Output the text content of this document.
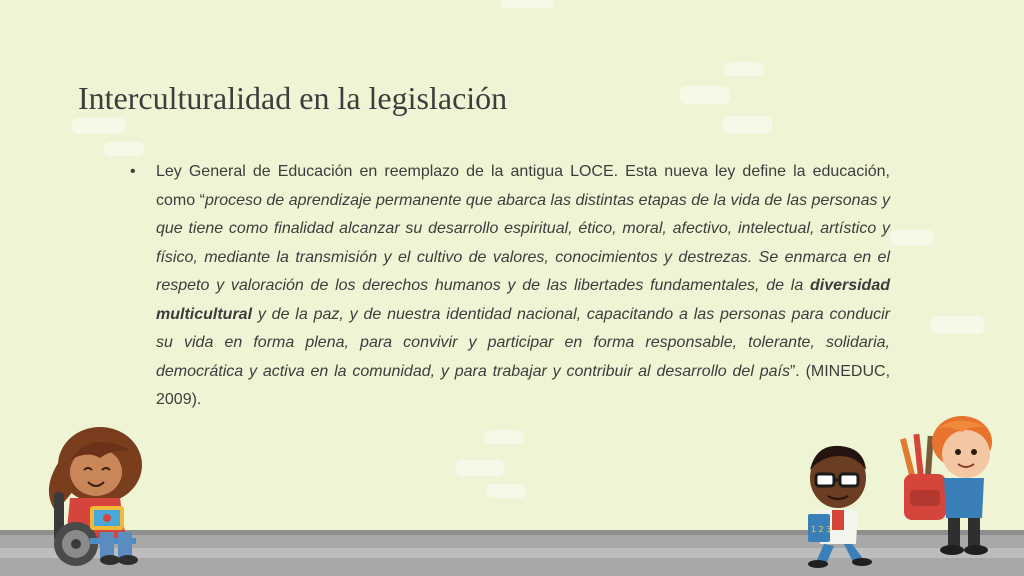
Interculturalidad en la legislación
• Ley General de Educación en reemplazo de la antigua LOCE. Esta nueva ley define la educación, como “proceso de aprendizaje permanente que abarca las distintas etapas de la vida de las personas y que tiene como finalidad alcanzar su desarrollo espiritual, ético, moral, afectivo, intelectual, artístico y físico, mediante la transmisión y el cultivo de valores, conocimientos y destrezas. Se enmarca en el respeto y valoración de los derechos humanos y de las libertades fundamentales, de la diversidad multicultural y de la paz, y de nuestra identidad nacional, capacitando a las personas para conducir su vida en forma plena, para convivir y participar en forma responsable, tolerante, solidaria, democrática y activa en la comunidad, y para trabajar y contribuir al desarrollo del país”. (MINEDUC, 2009).

1 2 3
